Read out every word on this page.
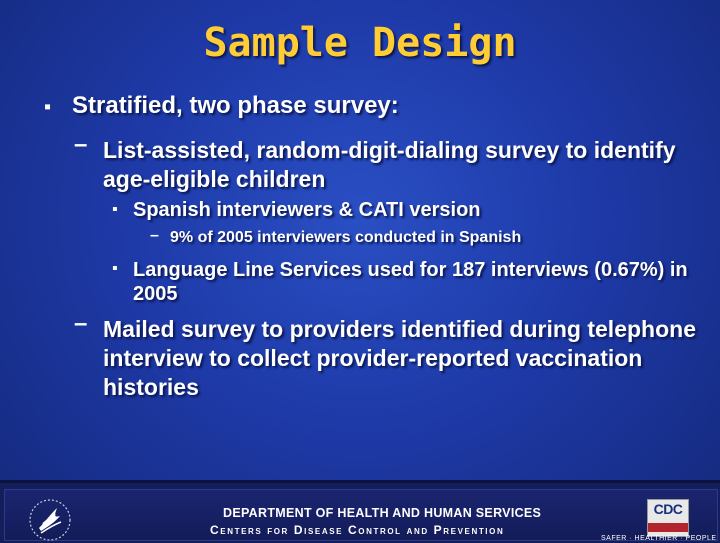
Sample Design
▪ Stratified, two phase survey:
– List-assisted, random-digit-dialing survey to identify age-eligible children
▪ Spanish interviewers & CATI version
– 9% of 2005 interviewers conducted in Spanish
▪ Language Line Services used for 187 interviews (0.67%) in 2005
– Mailed survey to providers identified during telephone interview to collect provider-reported vaccination histories
DEPARTMENT OF HEALTH AND HUMAN SERVICES
Centers for Disease Control and Prevention
CDC
SAFER · HEALTHIER · PEOPLE
